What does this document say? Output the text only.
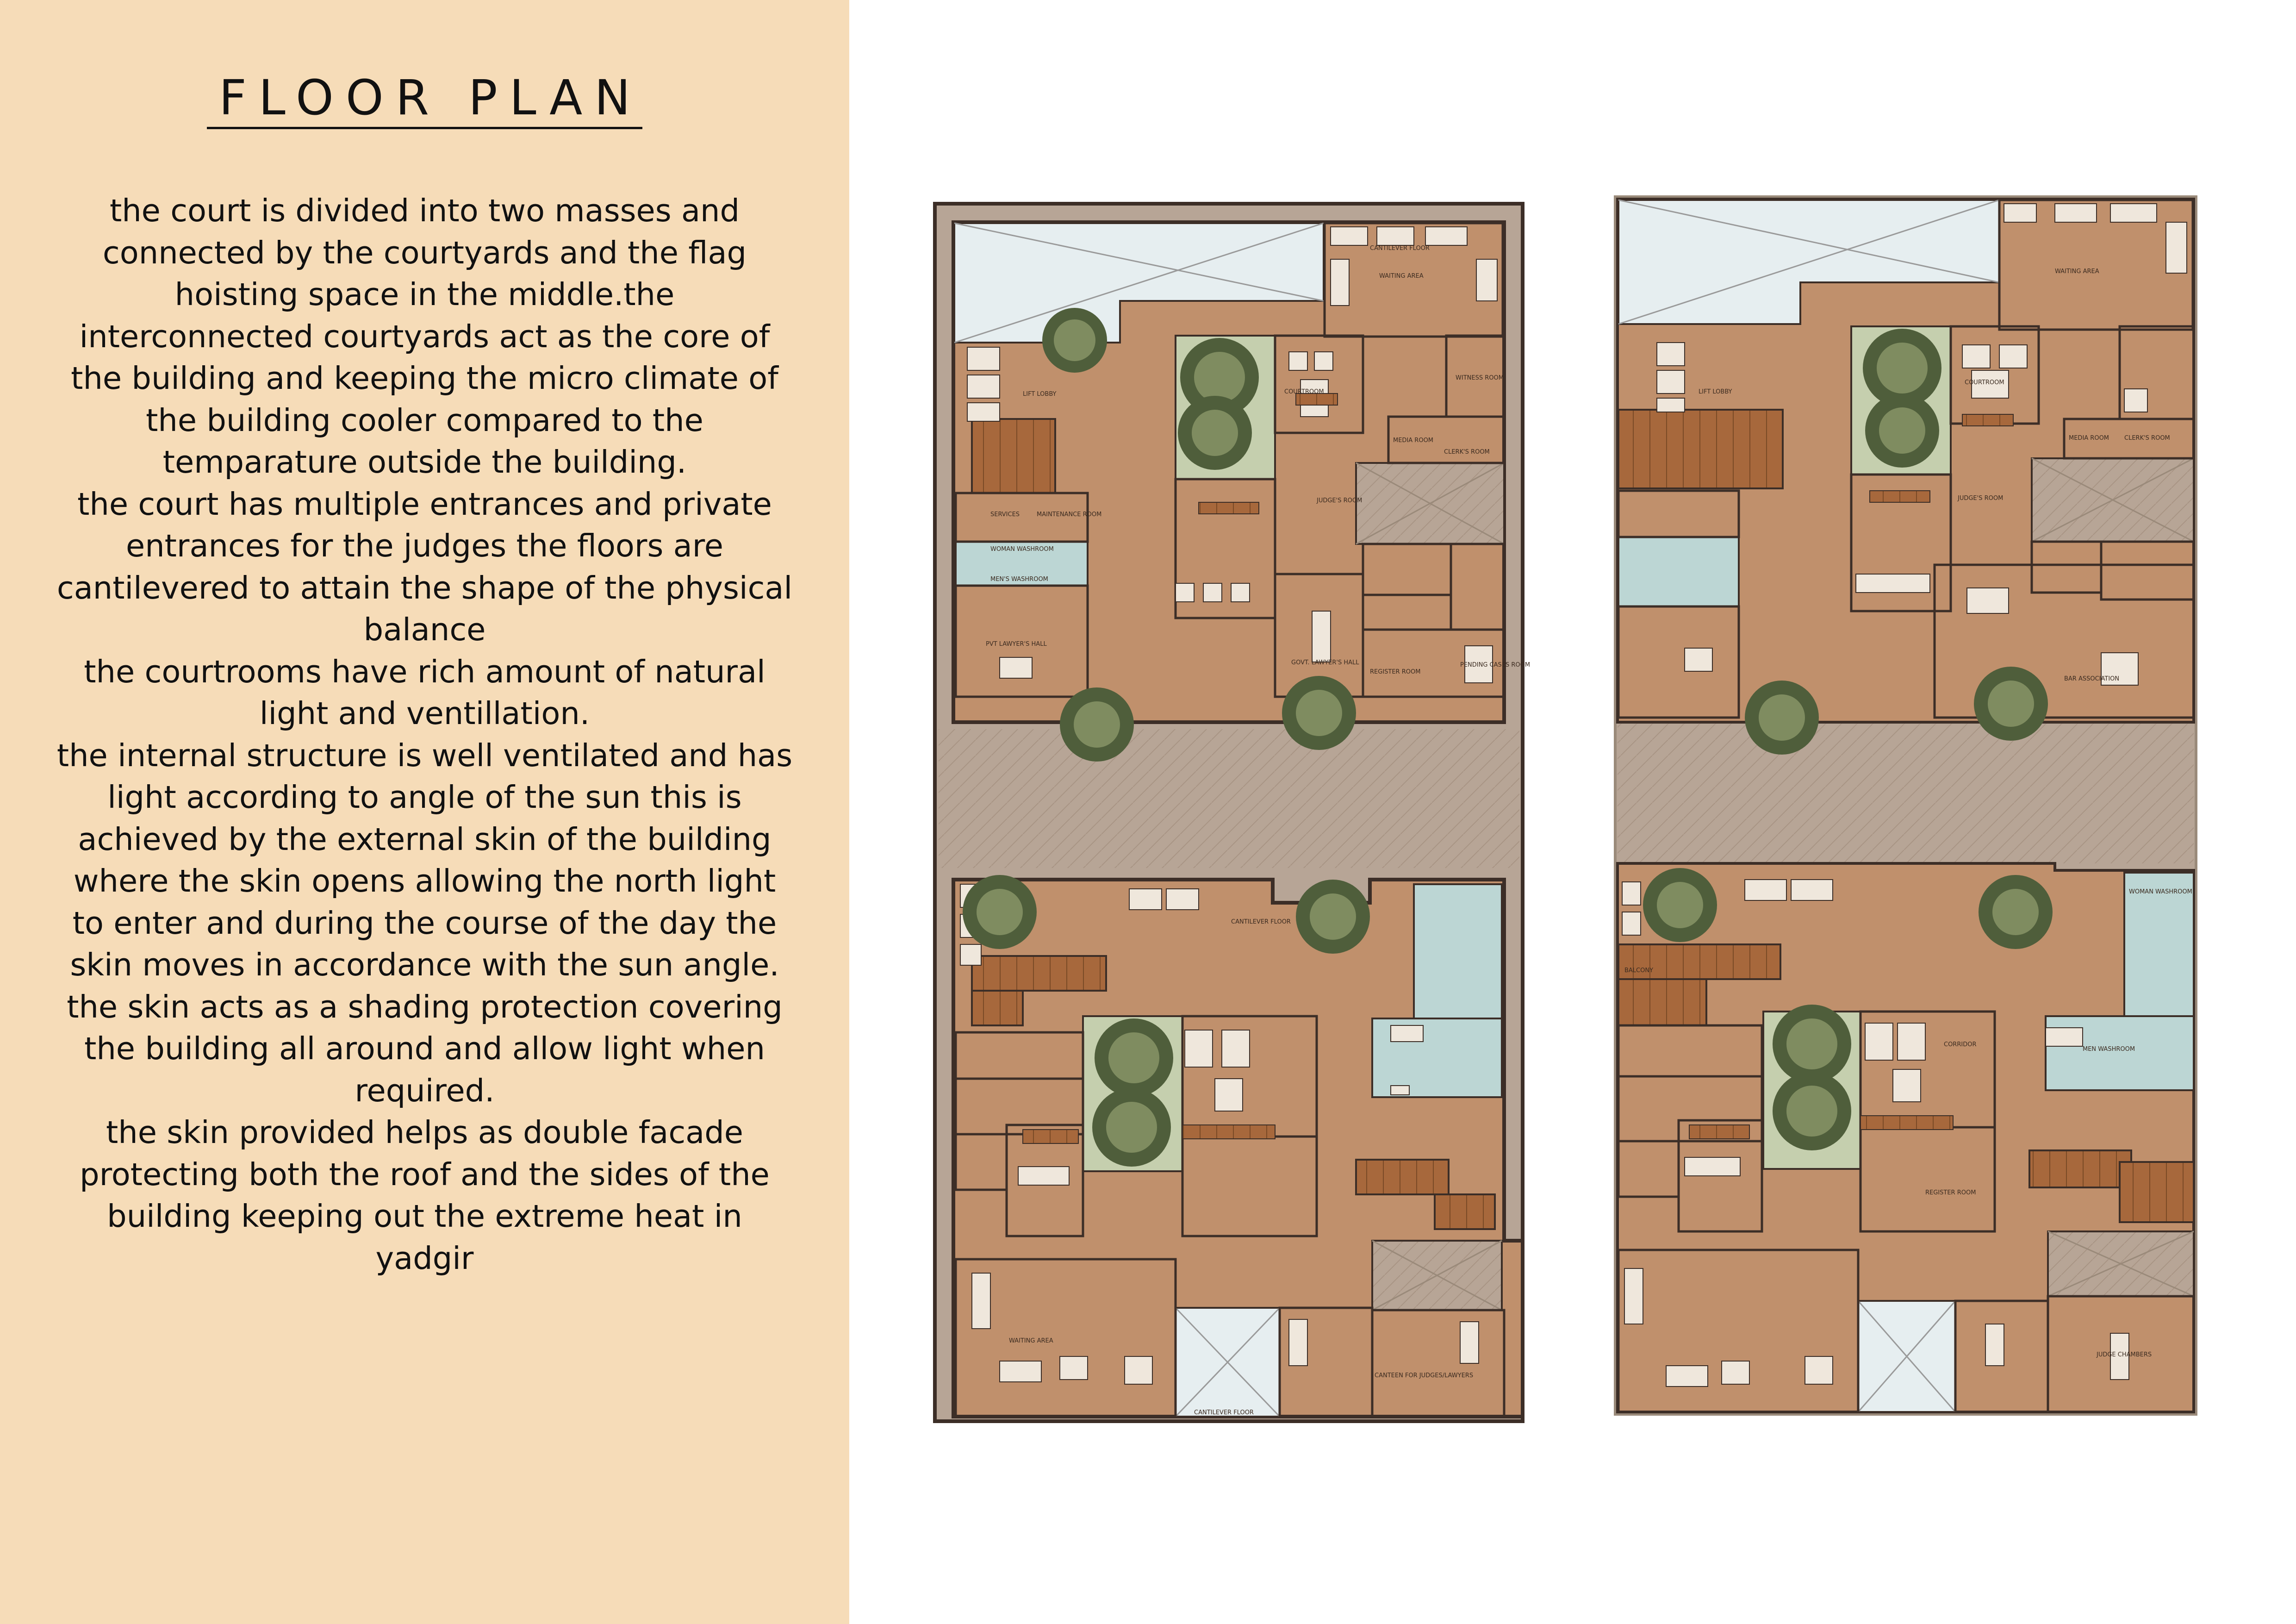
FLOOR PLAN
the court is divided into two masses and
connected by the courtyards and the flag
hoisting space in the middle.the
interconnected courtyards act as the core of
the building and keeping the micro climate of
the building cooler compared to the
temparature outside the building.
the court has multiple entrances and private
entrances for the judges the floors are
cantilevered to attain the shape of the physical
balance
the courtrooms have rich amount of natural
light and ventillation.
the internal structure is well ventilated and has
light according to angle of the sun this is
achieved by the external skin of the building
where the skin opens allowing the north light
to enter and during the course of the day the
skin moves in accordance with the sun angle.
the skin acts as a shading protection covering
the building all around and allow light when
required.
the skin provided helps as double facade
protecting both the roof and the sides of the
building keeping out the extreme heat in
yadgir
CANTILEVER FLOOR
WAITING AREA
LIFT LOBBY	COURTROOM
WITNESS ROOM
MEDIA ROOM
CLERK'S ROOM
SERVICES	MAINTENANCE ROOM
JUDGE'S ROOM
WOMAN WASHROOM
MEN'S WASHROOM
PVT LAWYER'S HALL
GOVT. LAWYER'S HALL
REGISTER ROOM
PENDING CASES ROOM
CANTILEVER FLOOR
CANTEEN FOR JUDGES/LAWYERS
WAITING AREA
CANTILEVER FLOOR
WAITING AREA
LIFT LOBBY
COURTROOM
JUDGE'S ROOM
CLERK'S ROOM
MEDIA ROOM
BAR ASSOCIATION
BALCONY
WOMAN WASHROOM
MEN WASHROOM
REGISTER ROOM
JUDGE CHAMBERS
CORRIDOR
